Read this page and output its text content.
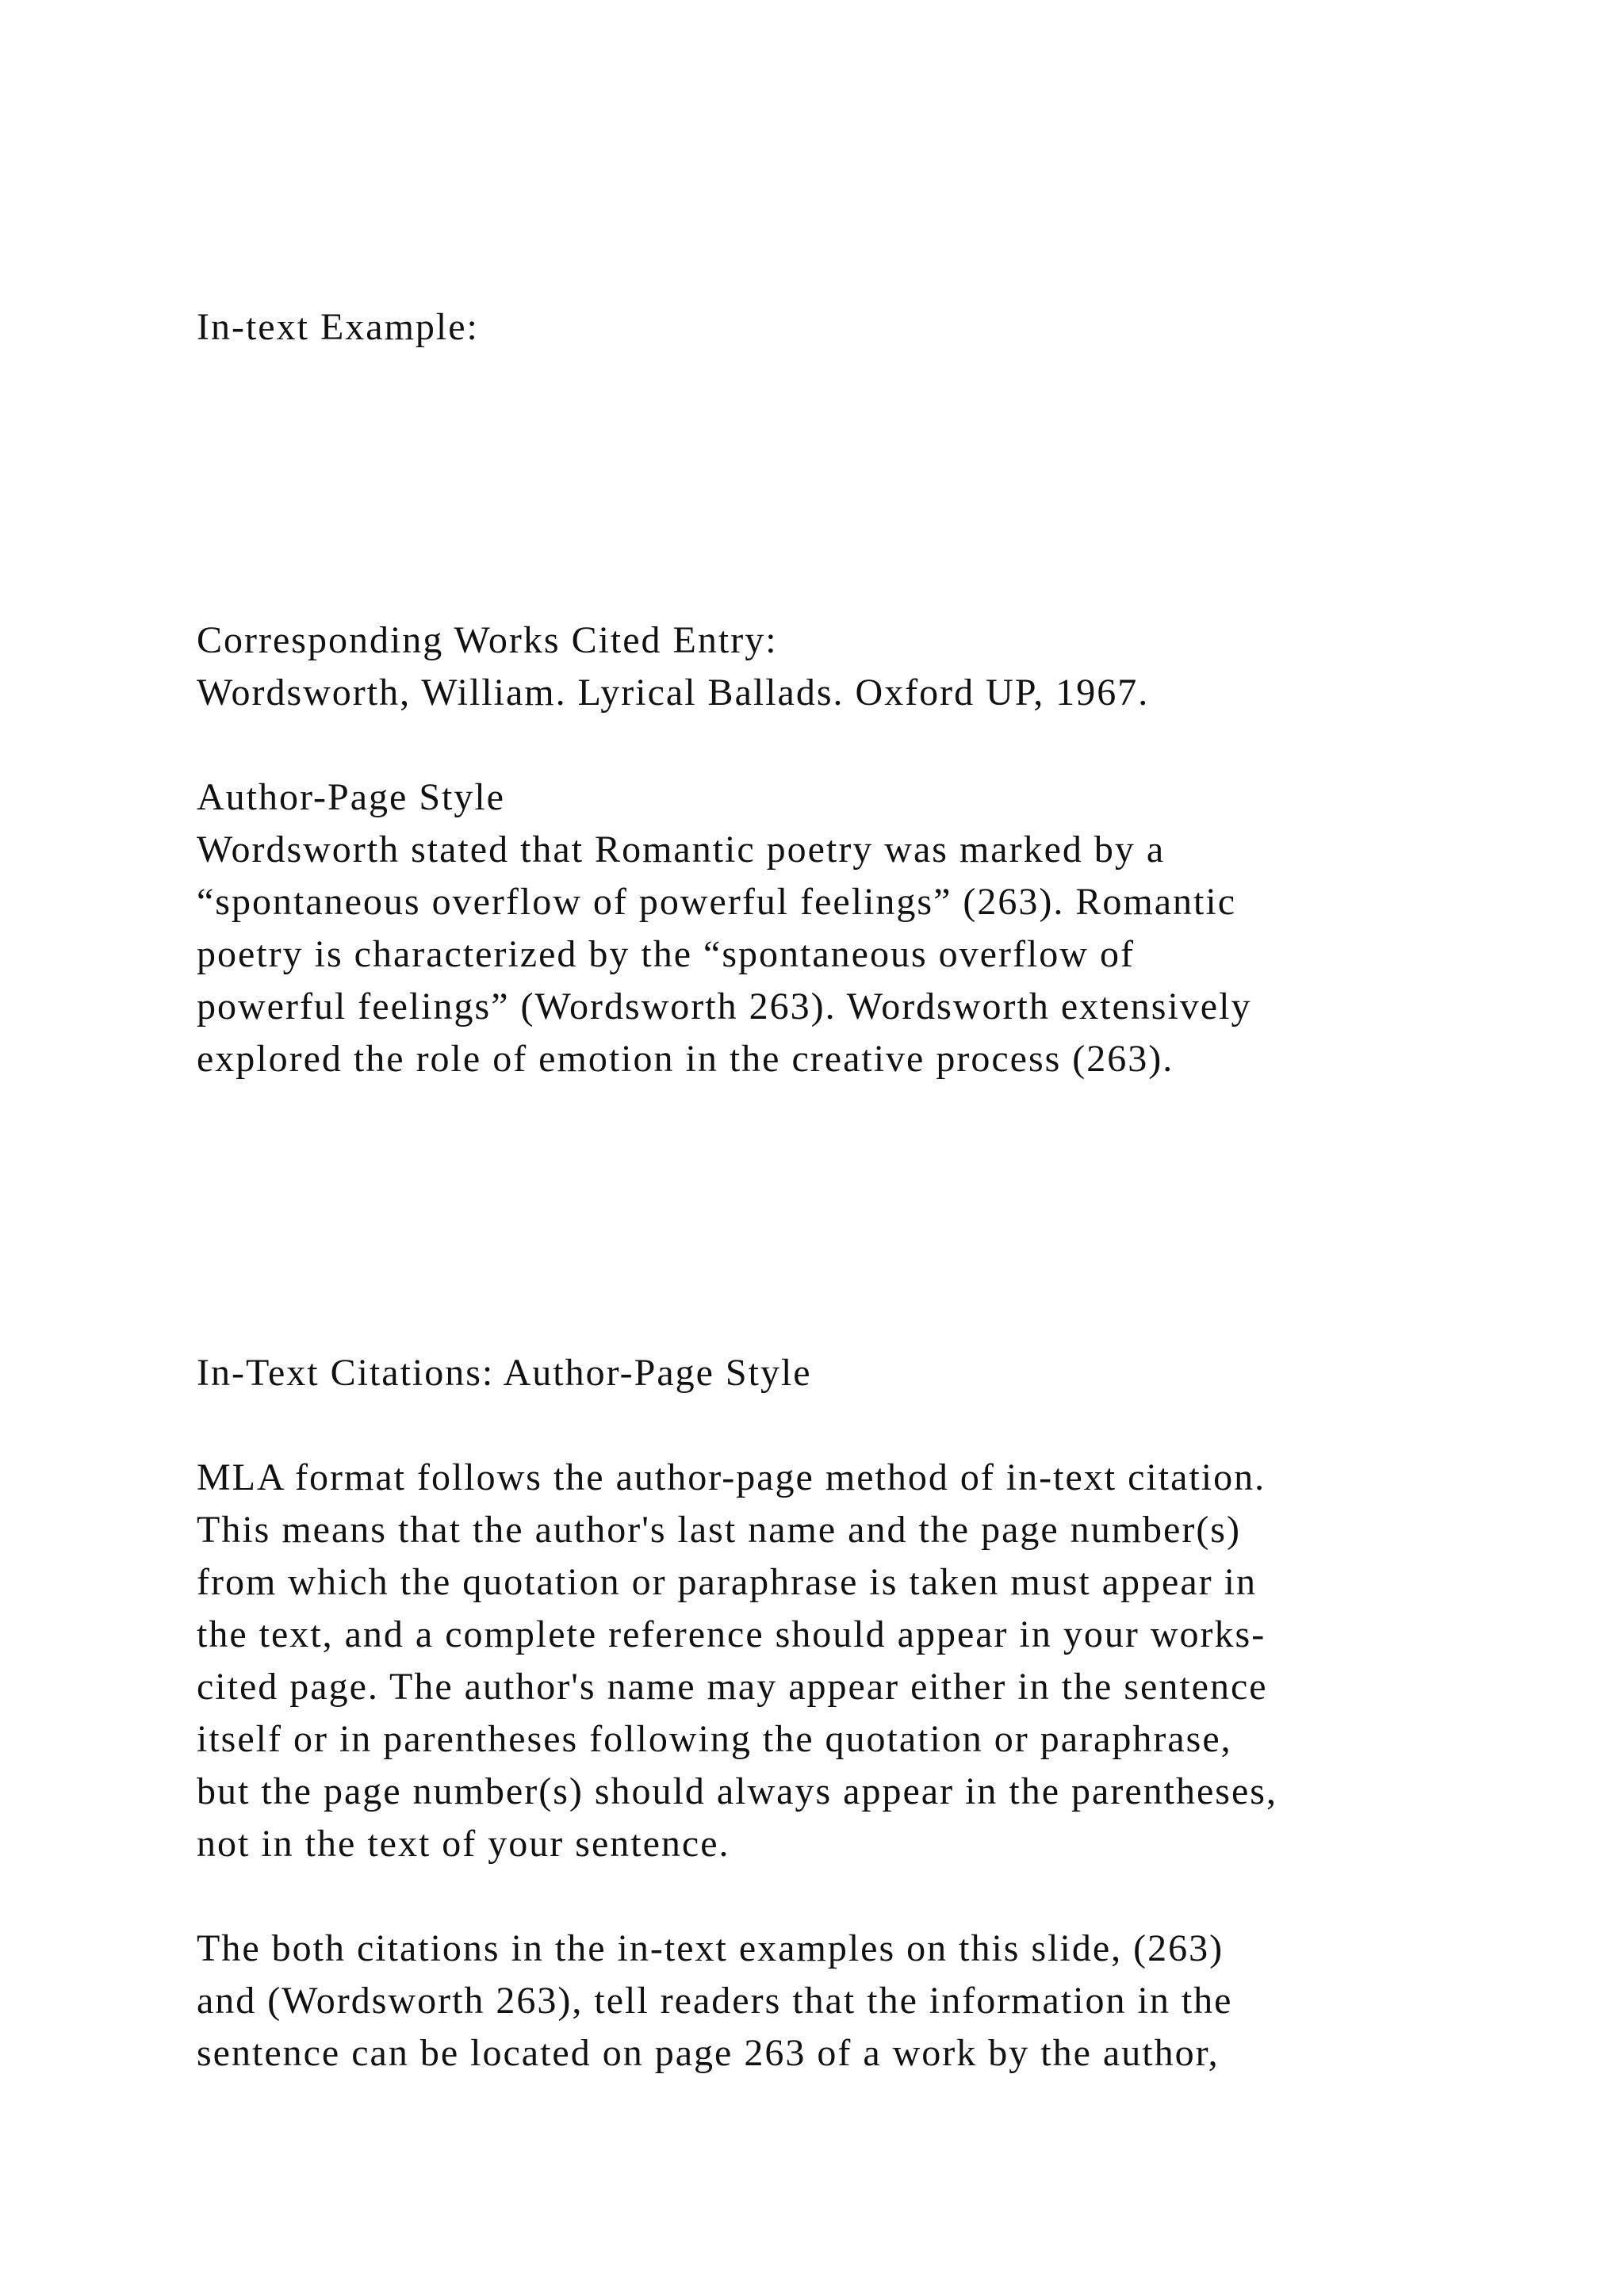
In-text Example:

Corresponding Works Cited Entry:

Wordsworth, William. Lyrical Ballads. Oxford UP, 1967.

Author-Page Style

Wordsworth stated that Romantic poetry was marked by a

“spontaneous overflow of powerful feelings” (263). Romantic

poetry is characterized by the “spontaneous overflow of

powerful feelings” (Wordsworth 263). Wordsworth extensively

explored the role of emotion in the creative process (263).

In-Text Citations: Author-Page Style

MLA format follows the author-page method of in-text citation.

This means that the author's last name and the page number(s)

from which the quotation or paraphrase is taken must appear in

the text, and a complete reference should appear in your works-

cited page. The author's name may appear either in the sentence

itself or in parentheses following the quotation or paraphrase,

but the page number(s) should always appear in the parentheses,

not in the text of your sentence.

The both citations in the in-text examples on this slide, (263)

and (Wordsworth 263), tell readers that the information in the

sentence can be located on page 263 of a work by the author,
